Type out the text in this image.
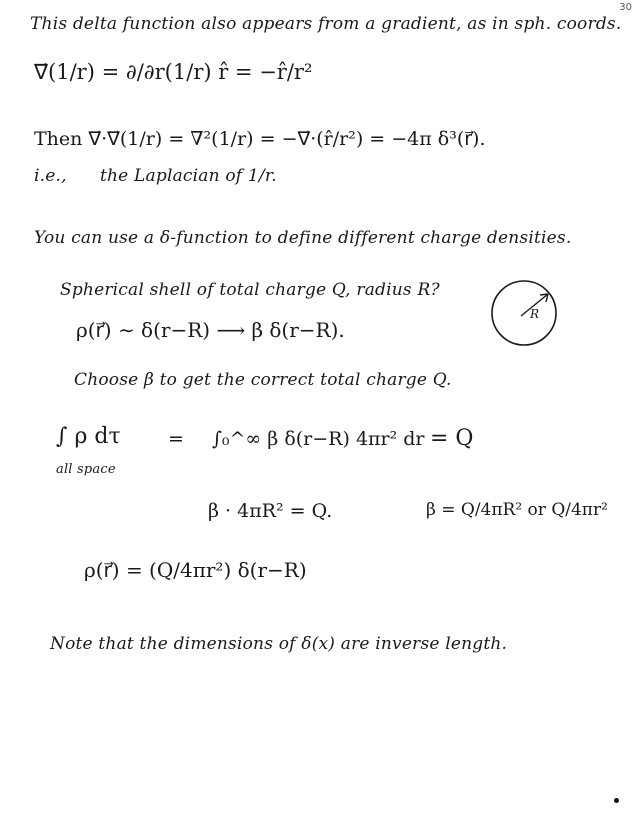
30
This delta function also appears from a gradient, as in sph. coords.
∇⃗(1/r) = ∂/∂r(1/r) r̂ = −r̂/r²
Then ∇⃗·∇⃗(1/r) = ∇²(1/r) = −∇⃗·(r̂/r²) = −4π δ³(r⃗).
i.e., the Laplacian of 1/r.
You can use a δ-function to define different charge densities.
Spherical shell of total charge Q, radius R?
ρ(r⃗) ∼ δ(r−R) ⟶ β δ(r−R).
Choose β to get the correct total charge Q.
∫ ρ dτ
all space
= ∫₀^∞ β δ(r−R) 4πr² dr = Q
β · 4πR² = Q.	β = Q/4πR² or Q/4πr²
ρ(r⃗) = (Q/4πr²) δ(r−R)
Note that the dimensions of δ(x) are inverse length.
R
